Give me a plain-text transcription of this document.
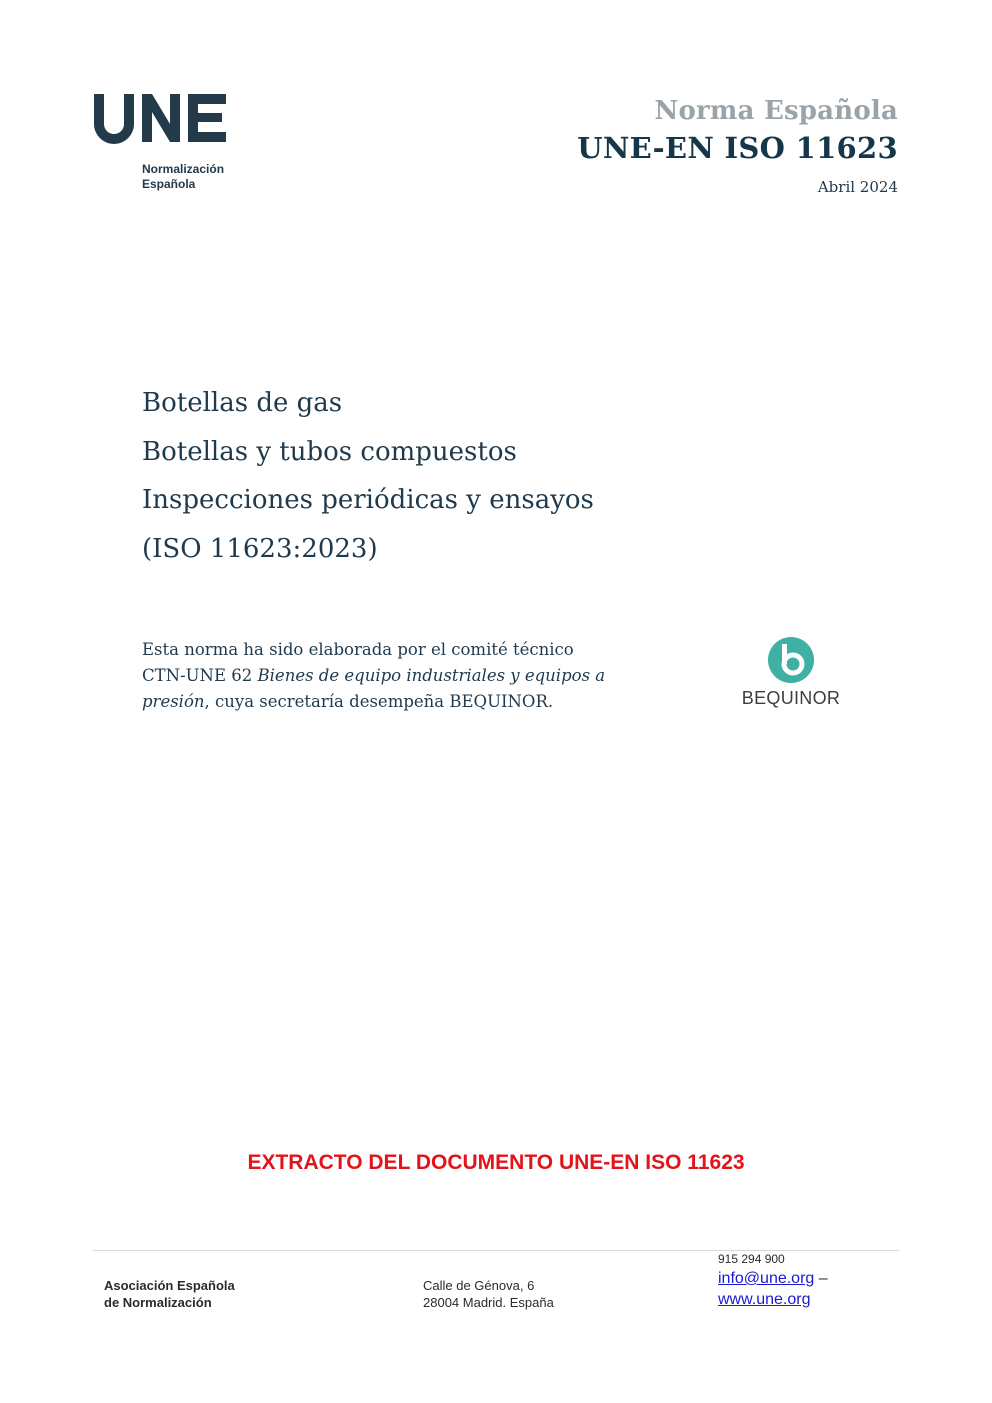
Normalización
Española
Norma Española
UNE-EN ISO 11623
Abril 2024
Botellas de gas
Botellas y tubos compuestos
Inspecciones periódicas y ensayos
(ISO 11623:2023)
Esta norma ha sido elaborada por el comité técnico CTN-UNE 62 Bienes de equipo industriales y equipos a presión, cuya secretaría desempeña BEQUINOR.	BEQUINOR
EXTRACTO DEL DOCUMENTO UNE-EN ISO 11623
Asociación Española
de Normalización
Calle de Génova, 6
28004 Madrid. España
915 294 900
info@une.org –
www.une.org
